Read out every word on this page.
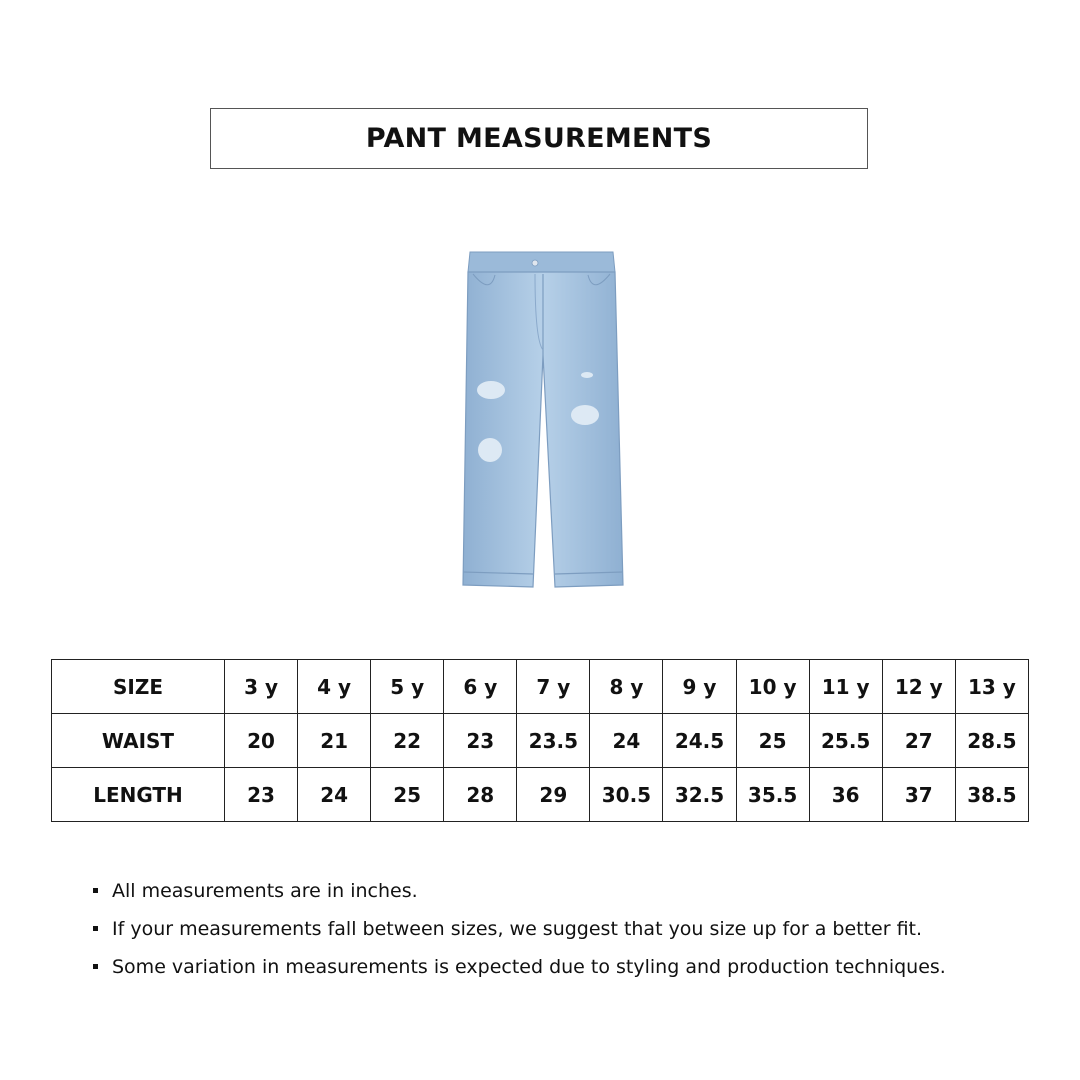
PANT MEASUREMENTS
SIZE	3 y	4 y	5 y	6 y	7 y	8 y	9 y	10 y	11 y	12 y	13 y
WAIST	20	21	22	23	23.5	24	24.5	25	25.5	27	28.5
LENGTH	23	24	25	28	29	30.5	32.5	35.5	36	37	38.5
All measurements are in inches.
If your measurements fall between sizes, we suggest that you size up for a better fit.
Some variation in measurements is expected due to styling and production techniques.
